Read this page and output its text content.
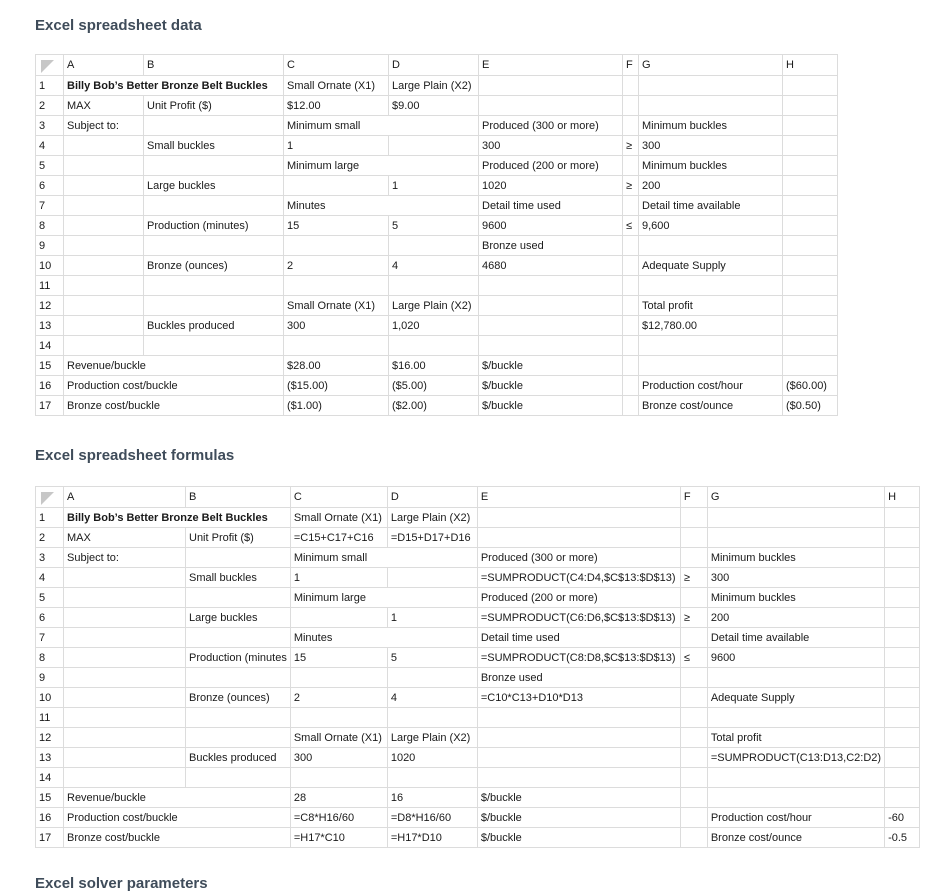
Excel spreadsheet data
	A	B	C	D	E	F	G	H
1	Billy Bob’s Better Bronze Belt Buckles		Small Ornate (X1)	Large Plain (X2)				
2	MAX	Unit Profit ($)	$12.00	$9.00				
3	Subject to:		Minimum small		Produced (300 or more)		Minimum buckles	
4		Small buckles	1		300	≥	300	
5			Minimum large		Produced (200 or more)		Minimum buckles	
6		Large buckles		1	1020	≥	200	
7			Minutes		Detail time used		Detail time available	
8		Production (minutes)	15	5	9600	≤	9,600	
9					Bronze used			
10		Bronze (ounces)	2	4	4680		Adequate Supply	
11								
12			Small Ornate (X1)	Large Plain (X2)			Total profit	
13		Buckles produced	300	1,020			$12,780.00	
14								
15	Revenue/buckle		$28.00	$16.00	$/buckle			
16	Production cost/buckle		($15.00)	($5.00)	$/buckle		Production cost/hour	($60.00)
17	Bronze cost/buckle		($1.00)	($2.00)	$/buckle		Bronze cost/ounce	($0.50)
Excel spreadsheet formulas
	A	B	C	D	E	F	G	H
1	Billy Bob’s Better Bronze Belt Buckles		Small Ornate (X1)	Large Plain (X2)				
2	MAX	Unit Profit ($)	=C15+C17+C16	=D15+D17+D16				
3	Subject to:		Minimum small		Produced (300 or more)		Minimum buckles	
4		Small buckles	1		=SUMPRODUCT(C4:D4,$C$13:$D$13)	≥	300	
5			Minimum large		Produced (200 or more)		Minimum buckles	
6		Large buckles		1	=SUMPRODUCT(C6:D6,$C$13:$D$13)	≥	200	
7			Minutes		Detail time used		Detail time available	
8		Production (minutes	15	5	=SUMPRODUCT(C8:D8,$C$13:$D$13)	≤	9600	
9					Bronze used			
10		Bronze (ounces)	2	4	=C10*C13+D10*D13		Adequate Supply	
11								
12			Small Ornate (X1)	Large Plain (X2)			Total profit	
13		Buckles produced	300	1020			=SUMPRODUCT(C13:D13,C2:D2)	
14								
15	Revenue/buckle		28	16	$/buckle			
16	Production cost/buckle		=C8*H16/60	=D8*H16/60	$/buckle		Production cost/hour	-60
17	Bronze cost/buckle		=H17*C10	=H17*D10	$/buckle		Bronze cost/ounce	-0.5
Excel solver parameters
